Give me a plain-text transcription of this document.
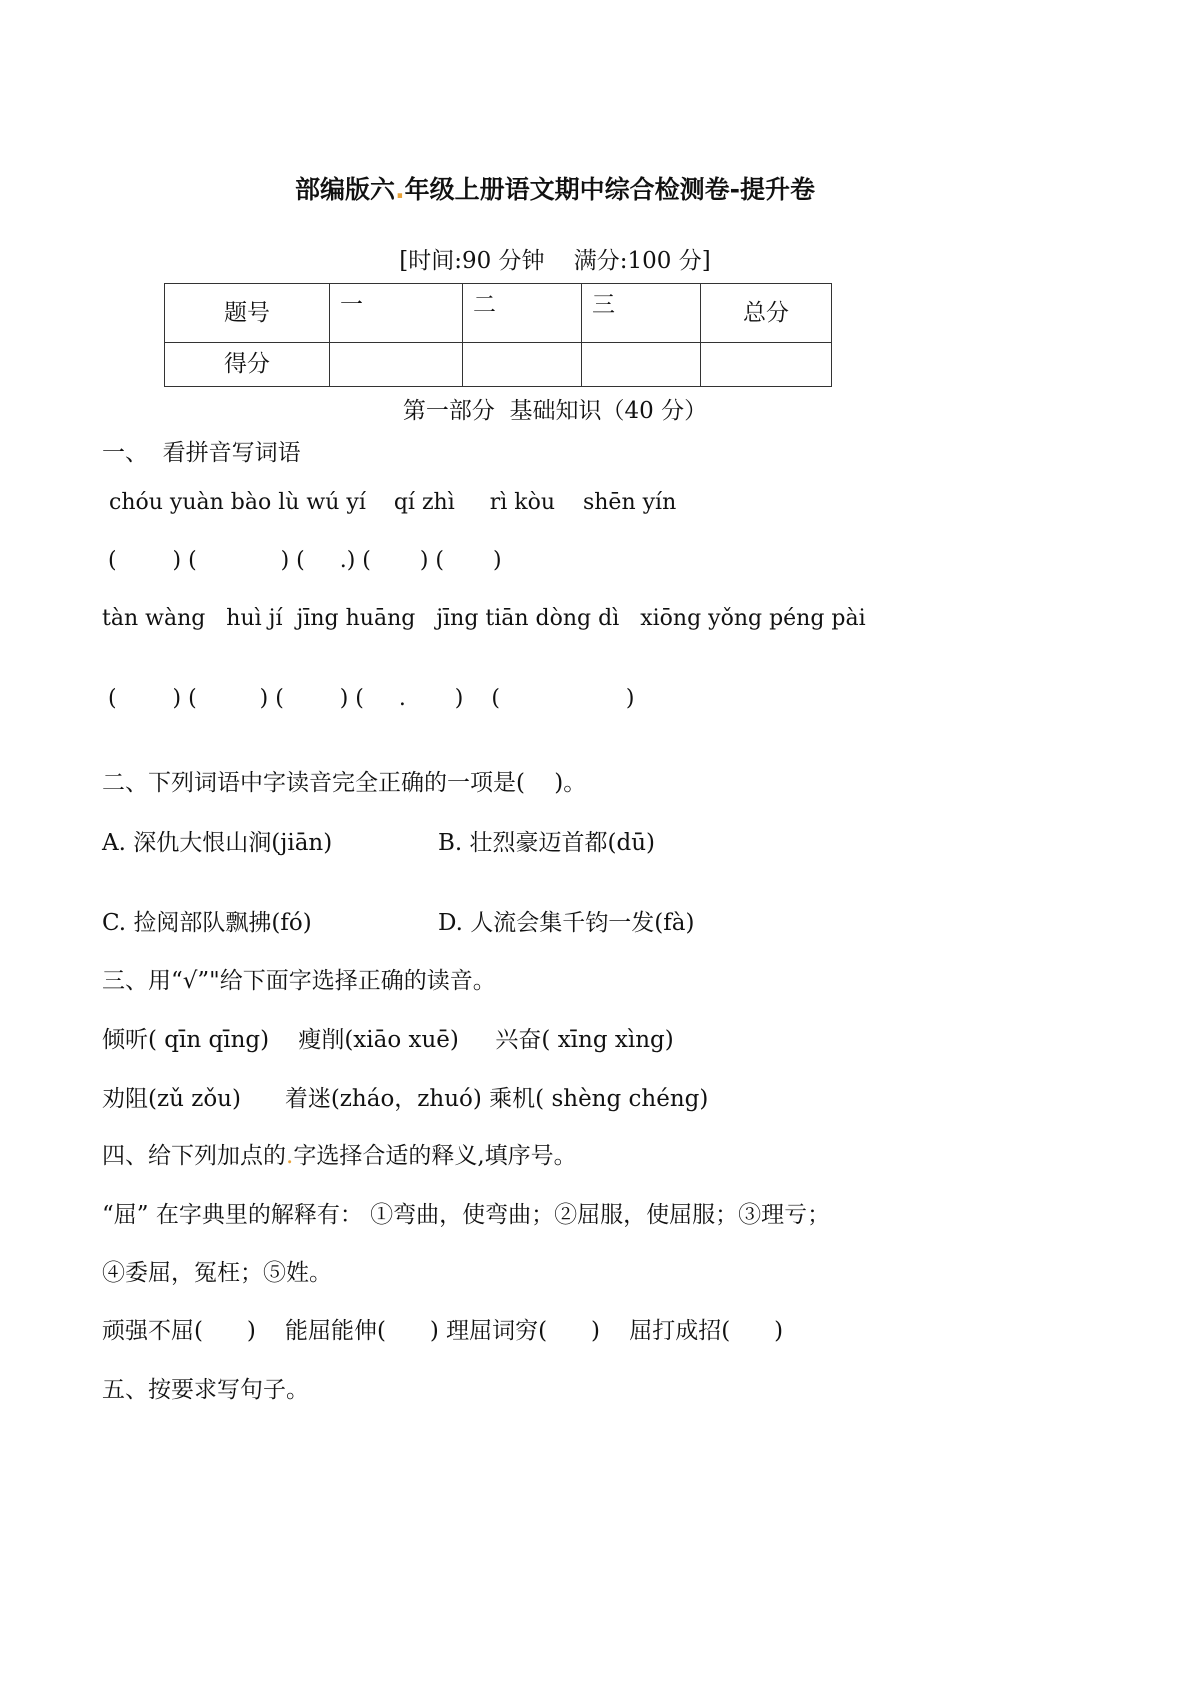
部编版六.年级上册语文期中综合检测卷-提升卷
[时间:90 分钟    满分:100 分]
题号	一	二	三	总分

得分				

第一部分  基础知识（40 分）
一、  看拼音写词语
chóu yuàn bào lù wú yí    qí zhì     rì kòu    shēn yín
(        ) (            ) (     .) (       ) (       )
tàn wàng   huì jí  jīng huāng   jīng tiān dòng dì   xiōng yǒng péng pài
(        ) (         ) (        ) (     .       )    (                  )
二、下列词语中字读音完全正确的一项是(    )。
A. 深仇大恨山涧(jiān)	B. 壮烈豪迈首都(dū)
C. 捡阅部队飘拂(fó)	D. 人流会集千钧一发(fà)
三、用“√”"给下面字选择正确的读音。
倾听( qīn qīng)    瘦削(xiāo xuē)     兴奋( xīng xìng)
劝阻(zǔ zǒu)      着迷(zháo，zhuó) 乘机( shèng chéng)
四、给下列加点的.字选择合适的释义,填序号。
“屈” 在字典里的解释有： ①弯曲，使弯曲；②屈服，使屈服；③理亏；
④委屈，冤枉；⑤姓。
顽强不屈(      )    能屈能伸(      ) 理屈词穷(      )    屈打成招(      )
五、按要求写句子。
